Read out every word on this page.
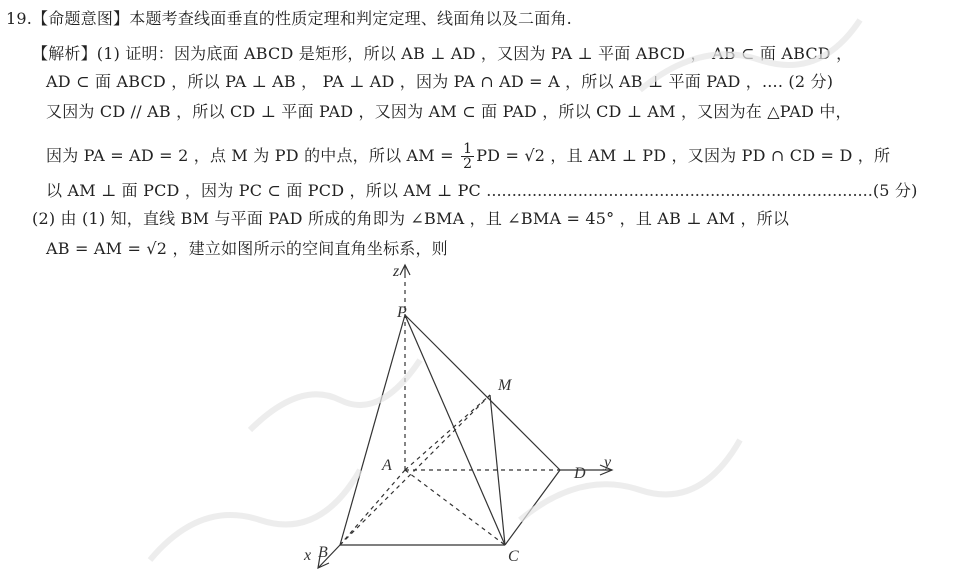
19.【命题意图】本题考查线面垂直的性质定理和判定定理、线面角以及二面角.
【解析】(1) 证明：因为底面 ABCD 是矩形，所以 AB ⊥ AD ，又因为 PA ⊥ 平面 ABCD ， AB ⊂ 面 ABCD ，
AD ⊂ 面 ABCD ，所以 PA ⊥ AB ， PA ⊥ AD ，因为 PA ∩ AD = A ，所以 AB ⊥ 平面 PAD ，.... (2 分)
又因为 CD // AB ，所以 CD ⊥ 平面 PAD ，又因为 AM ⊂ 面 PAD ，所以 CD ⊥ AM ，又因为在 △PAD 中，
因为 PA = AD = 2 ，点 M 为 PD 的中点，所以 AM = $\frac{1}{2}$ PD = √2 ，且 AM ⊥ PD ，又因为 PD ∩ CD = D ，所
以 AM ⊥ 面 PCD ，因为 PC ⊂ 面 PCD ，所以 AM ⊥ PC ............................................................................(5 分)
(2) 由 (1) 知，直线 BM 与平面 PAD 所成的角即为 ∠BMA ，且 ∠BMA = 45° ，且 AB ⊥ AM ，所以
AB = AM = √2 ，建立如图所示的空间直角坐标系，则
z
P
M
A	D
y
x B	C
